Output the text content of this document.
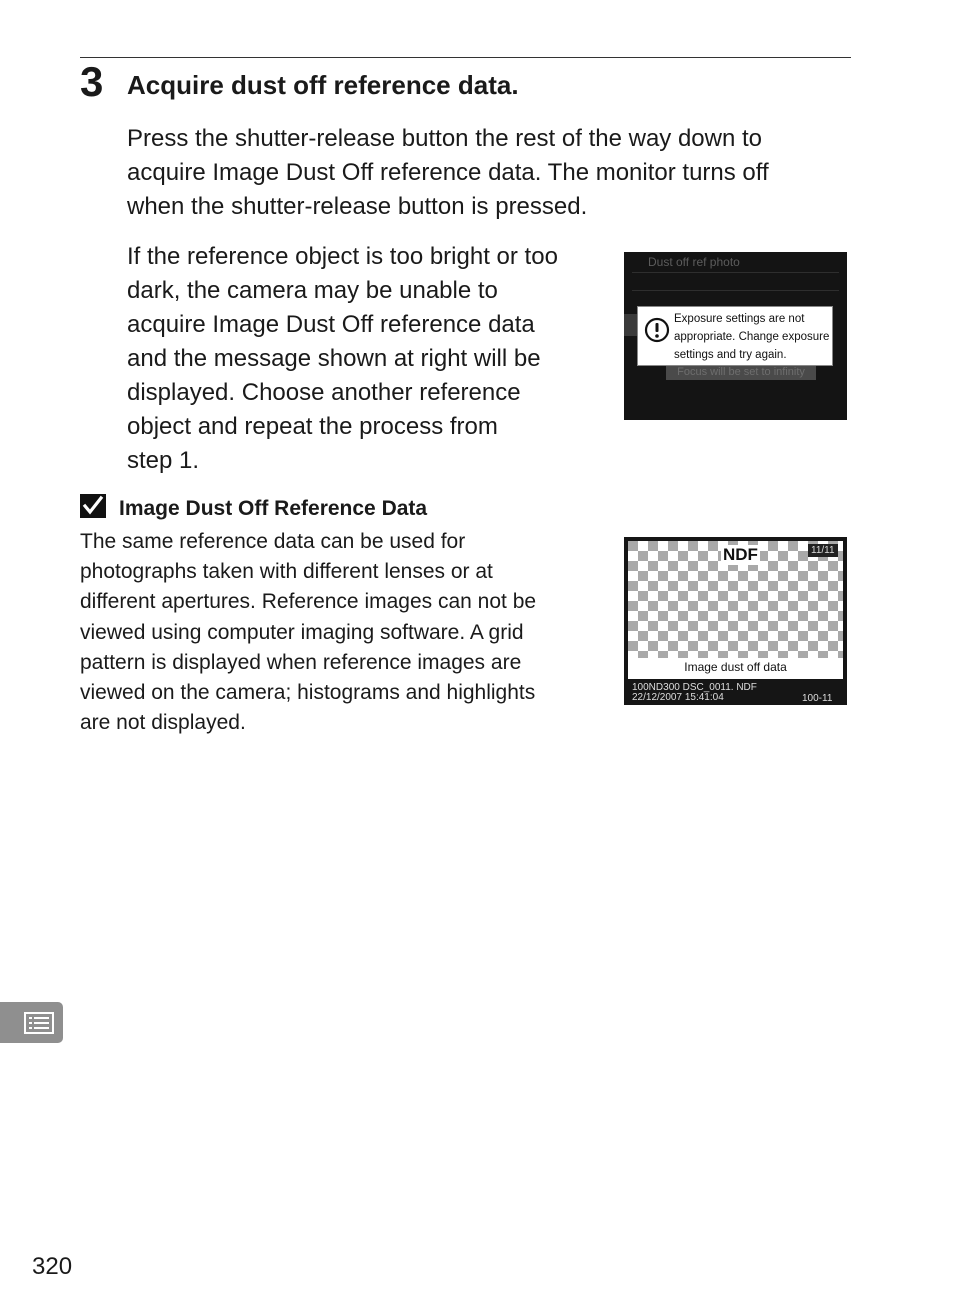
3 Acquire dust off reference data.
Press the shutter-release button the rest of the way down to
acquire Image Dust Off reference data. The monitor turns off
when the shutter-release button is pressed.
If the reference object is too bright or too
dark, the camera may be unable to
acquire Image Dust Off reference data
and the message shown at right will be
displayed. Choose another reference
object and repeat the process from
step 1.
Dust off ref photo
Focus will be set to infinity
Exposure settings are not
appropriate. Change exposure
settings and try again.
Image Dust Off Reference Data
The same reference data can be used for
photographs taken with different lenses or at
different apertures. Reference images can not be
viewed using computer imaging software. A grid
pattern is displayed when reference images are
viewed on the camera; histograms and highlights
are not displayed.
NDF	11/11
Image dust off data
100ND300 DSC_0011. NDF
22/12/2007 15:41:04	100-11
320
